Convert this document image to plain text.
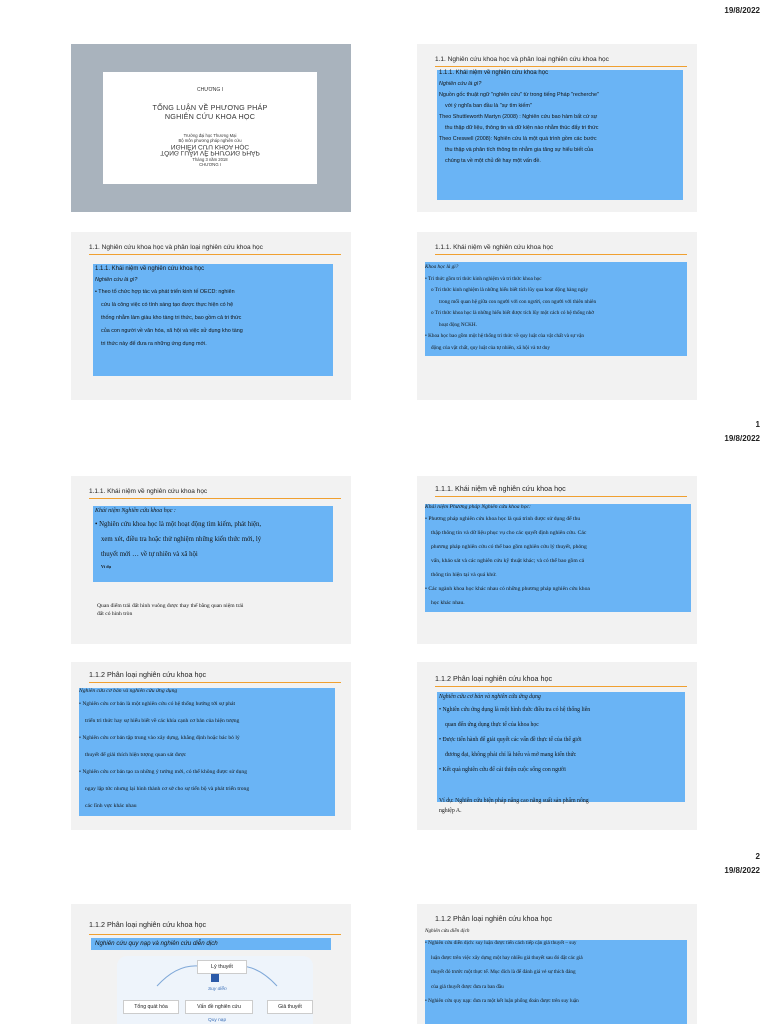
19/8/2022
1
19/8/2022
2
19/8/2022
CHƯƠNG I
TỔNG LUẬN VỀ PHƯƠNG PHÁP
NGHIÊN CỨU KHOA HỌC
Trường đại học Thương Mại
Bộ môn phương pháp nghiên cứu
NGHIÊN CỨU KHOA HỌC
TỔNG LUẬN VỀ PHƯƠNG PHÁP
Tháng 3 năm 2018
CHƯƠNG I
1.1. Nghiên cứu khoa học và phân loại nghiên cứu khoa học

1.1.1. Khái niệm về nghiên cứu khoa học

Nghiên cứu là gì?

Nguồn gốc thuật ngữ "nghiên cứu" từ trong tiếng Pháp "recherche"

với ý nghĩa ban đầu là "sự tìm kiếm"

Theo Shuttleworth Martyn (2008) : Nghiên cứu bao hàm bất cứ sự

thu thập dữ liệu, thông tin và dữ kiện nào nhằm thúc đẩy tri thức

Theo Creswell (2008): Nghiên cứu là một quá trình gồm các bước

thu thập và phân tích thông tin nhằm gia tăng sự hiểu biết của

chúng ta về một chủ đề hay một vấn đề.

1.1. Nghiên cứu khoa học và phân loại nghiên cứu khoa học

1.1.1. Khái niệm về nghiên cứu khoa học

Nghiên cứu là gì?

• Theo tổ chức hợp tác và phát triển kinh tế OECD: nghiên

cứu là công việc có tính sáng tạo được thực hiện có hệ

thống nhằm làm giàu kho tàng tri thức, bao gồm cả tri thức

của con người về văn hóa, xã hội và việc sử dụng kho tàng

tri thức này để đưa ra những ứng dụng mới.

1.1.1. Khái niệm về nghiên cứu khoa học

Khoa học là gì?

• Tri thức gồm tri thức kinh nghiệm và tri thức khoa học

o Tri thức kinh nghiệm là những hiểu biết tích lũy qua hoạt động hàng ngày

trong mối quan hệ giữa con người với con người, con người với thiên nhiên

o Tri thức khoa học là những hiểu biết được tích lũy một cách có hệ thống nhờ

hoạt động NCKH.

• Khoa học bao gồm một hệ thống tri thức về quy luật của vật chất và sự vận

động của vật chất, quy luật của tự nhiên, xã hội và tư duy

1.1.1. Khái niệm về nghiên cứu khoa học

Khái niệm Nghiên cứu khoa học :

• Nghiên cứu khoa học là một hoạt động tìm kiếm, phát hiện,

xem xét, điều tra hoặc thử nghiệm những kiến thức mới, lý

thuyết mới … về tự nhiên và xã hội

Ví dụ

Quan điểm trái đất hình vuông được thay thế bằng quan niệm trái

đất có hình tròn

1.1.1. Khái niệm về nghiên cứu khoa học

Khái niệm Phương pháp Nghiên cứu khoa học:

• Phương pháp nghiên cứu khoa học là quá trình được sử dụng để thu

thập thông tin và dữ liệu phục vụ cho các quyết định nghiên cứu. Các

phương pháp nghiên cứu có thể bao gồm nghiên cứu lý thuyết, phỏng

vấn, khảo sát và các nghiên cứu kỹ thuật khác; và có thể bao gồm cả

thông tin hiện tại và quá khứ.

• Các ngành khoa học khác nhau có những phương pháp nghiên cứu khoa

học khác nhau.

1.1.2 Phân loại nghiên cứu khoa học

Nghiên cứu cơ bản và nghiên cứu ứng dụng

• Nghiên cứu cơ bản là một nghiên cứu có hệ thống hướng tới sự phát

triển tri thức hay sự hiểu biết về các khía cạnh cơ bản của hiện tượng

• Nghiên cứu cơ bản tập trung vào xây dựng, khẳng định hoặc bác bỏ lý

thuyết để giải thích hiện tượng quan sát được

• Nghiên cứu cơ bản tạo ra những ý tưởng mới, có thể không được sử dụng

ngay lập tức nhưng lại hình thành cơ sở cho sự tiến bộ và phát triển trong

các lĩnh vực khác nhau

1.1.2 Phân loại nghiên cứu khoa học

Nghiên cứu cơ bản và nghiên cứu ứng dụng

• Nghiên cứu ứng dụng là một hình thức điều tra có hệ thống liên

quan đến ứng dụng thực tế của khoa học

• Được tiến hành để giải quyết các vấn đề thực tế của thế giới

đương đại, không phải chỉ là hiểu và mở mang kiến thức

• Kết quả nghiên cứu để cải thiện cuộc sống con người

Ví dụ: Nghiên cứu biện pháp nâng cao năng suất sản phẩm nông

nghiệp A.

1.1.2 Phân loại nghiên cứu khoa học
Nghiên cứu quy nạp và nghiên cứu diễn dịch
Lý thuyết
Suy diễn
Tổng quát hóa	Vấn đề nghiên cứu	Giả thuyết
Quy nạp
1.1.2 Phân loại nghiên cứu khoa học

Nghiên cứu diễn dịch

• Nghiên cứu diễn dịch: suy luận được tiến cách tiếp cận giả thuyết – suy

luận được trên việc xây dựng một hay nhiều giả thuyết sau đó đặt các giả

thuyết đó trước một thực tế. Mục đích là để đánh giá vẻ sự thích đáng

của giả thuyết được đưa ra ban đầu

• Nghiên cứu quy nạp: đưa ra một kết luận phổng đoán được trên suy luận
